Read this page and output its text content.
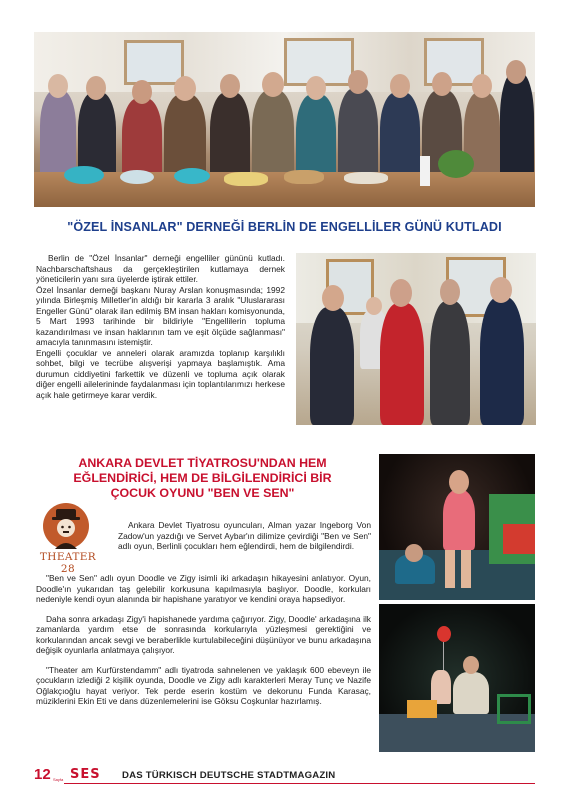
"ÖZEL İNSANLAR" DERNEĞİ BERLİN DE ENGELLİLER GÜNÜ KUTLADI

Berlin de "Özel İnsanlar" derneği engelliler gününü kutladı. Nachbarschaftshaus da gerçekleştirilen kutlamaya dernek yöneticilerin yanı sıra üyelerde iştirak ettiler.

Özel İnsanlar derneği başkanı Nuray Arslan konuşmasında; 1992 yılında Birleşmiş Milletler'in aldığı bir kararla 3 aralık "Uluslararası Engeller Günü" olarak ilan edilmiş BM insan hakları komisyonunda, 5 Mart 1993 tarihinde bir bildiriyle "Engellilerin topluma kazandırılması ve insan haklarının tam ve eşit ölçüde sağlanması" amacıyla tanınmasını istemiştir.

Engelli çocuklar ve anneleri olarak aramızda toplanıp karşılıklı sohbet, bilgi ve tecrübe alışverişi yapmaya başlamıştık. Ama durumun ciddiyetini farkettik ve düzenli ve topluma açık olarak diğer engelli ailelerininde faydalanması için toplantılarımızı herkese açık hale getirmeye karar verdik.

ANKARA DEVLET TİYATROSU'NDAN HEM
EĞLENDİRİCİ, HEM DE BİLGİLENDİRİCİ BİR
ÇOCUK OYUNU "BEN VE SEN"
THEATER 28
Ankara Devlet Tiyatrosu oyuncuları, Alman yazar Ingeborg Von Zadow'un yazdığı ve Servet Aybar'ın dilimize çevirdiği "Ben ve Sen" adlı oyun, Berlinli çocukları hem eğlendirdi, hem de bilgilendirdi.

"Ben ve Sen" adlı oyun Doodle ve Zigy isimli iki arkadaşın hikayesini anlatıyor. Oyun, Doodle'ın yukarıdan taş gelebilir korkusuna kapılmasıyla başlıyor. Doodle, korkuları nedeniyle kendi oyun alanında bir hapishane yaratıyor ve kendini oraya hapsediyor.

Daha sonra arkadaşı Zigy'i hapishanede yardıma çağırıyor. Zigy, Doodle' arkadaşına ilk zamanlarda yardım etse de sonrasında korkularıyla yüzleşmesi gerektiğini ve korkularından ancak sevgi ve beraberlikle kurtulabileceğini düşünüyor ve bunu arkadaşına değişik oyunlarla anlatmaya çalışıyor.

"Theater am Kurfürstendamm" adlı tiyatroda sahnelenen ve yaklaşık 600 ebeveyn ile çocukların izlediği 2 kişilik oyunda, Doodle ve Zigy adlı karakterleri Meray Tunç ve Nazife Oğlakçıoğlu hayat veriyor. Tek perde eserin kostüm ve dekorunu Funda Karasaç, müziklerini Ekin Eti ve dans düzenlemelerini ise Göksu Coşkunlar hazırlamış.

12 Sayfa SES DAS TÜRKISCH DEUTSCHE STADTMAGAZIN
